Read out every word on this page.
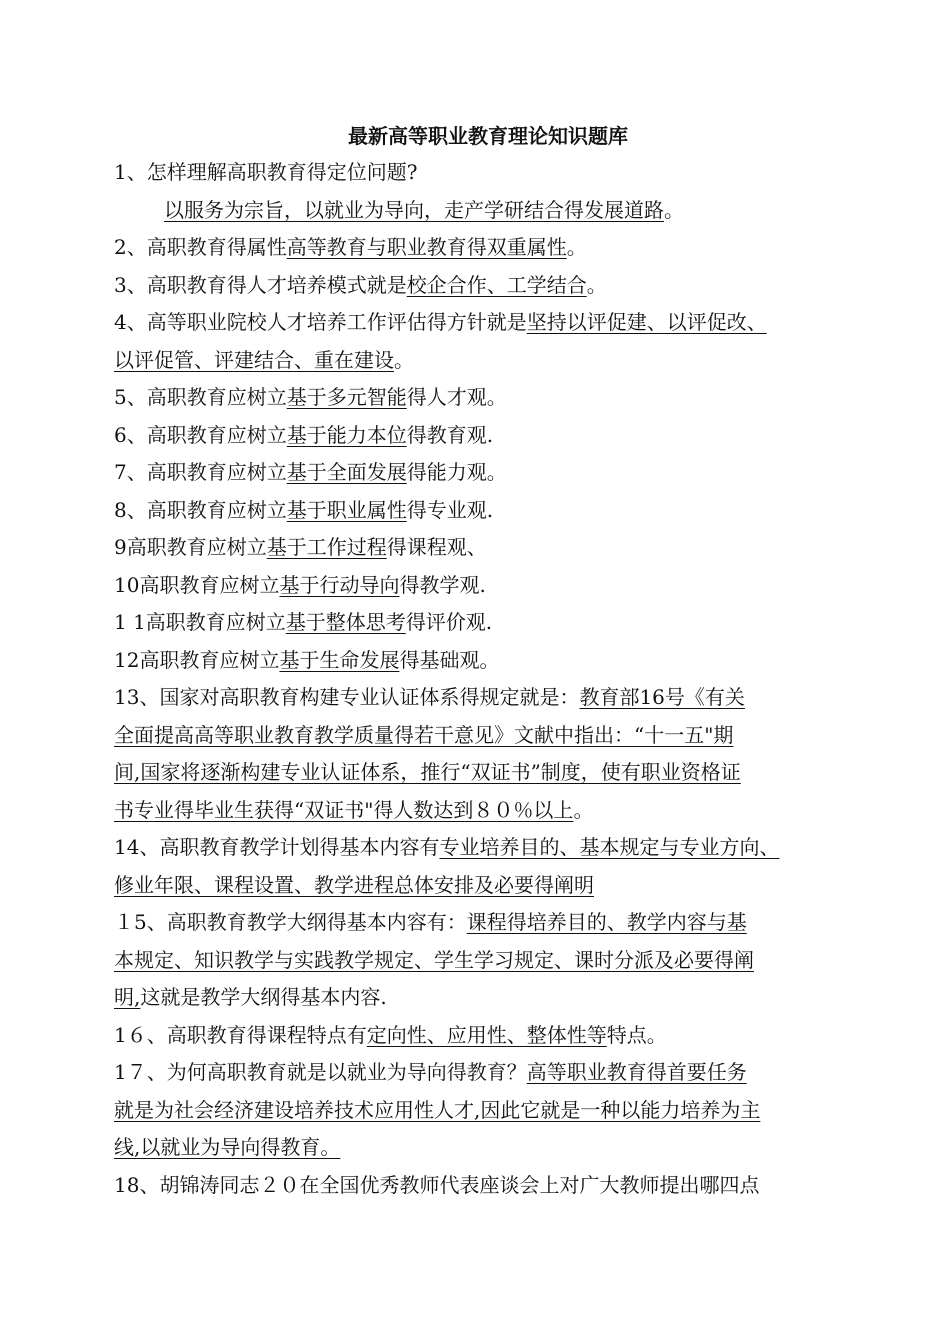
最新高等职业教育理论知识题库
1、怎样理解高职教育得定位问题?
以服务为宗旨，以就业为导向，走产学研结合得发展道路。
2、高职教育得属性高等教育与职业教育得双重属性。
3、高职教育得人才培养模式就是校企合作、工学结合。
4、高等职业院校人才培养工作评估得方针就是坚持以评促建、以评促改、
以评促管、评建结合、重在建设。
5、高职教育应树立基于多元智能得人才观。
6、高职教育应树立基于能力本位得教育观.
7、高职教育应树立基于全面发展得能力观。
8、高职教育应树立基于职业属性得专业观.
9高职教育应树立基于工作过程得课程观、
10高职教育应树立基于行动导向得教学观.
1 1高职教育应树立基于整体思考得评价观.
12高职教育应树立基于生命发展得基础观。
13、国家对高职教育构建专业认证体系得规定就是：教育部16号《有关
全面提高高等职业教育教学质量得若干意见》文献中指出：“十一五"期
间,国家将逐渐构建专业认证体系，推行“双证书”制度，使有职业资格证
书专业得毕业生获得“双证书"得人数达到８０％以上。
14、高职教育教学计划得基本内容有专业培养目的、基本规定与专业方向、
修业年限、课程设置、教学进程总体安排及必要得阐明
１5、高职教育教学大纲得基本内容有：课程得培养目的、教学内容与基
本规定、知识教学与实践教学规定、学生学习规定、课时分派及必要得阐
明,这就是教学大纲得基本内容.
1６、高职教育得课程特点有定向性、应用性、整体性等特点。
1７、为何高职教育就是以就业为导向得教育？高等职业教育得首要任务
就是为社会经济建设培养技术应用性人才,因此它就是一种以能力培养为主
线,以就业为导向得教育。
18、胡锦涛同志２０在全国优秀教师代表座谈会上对广大教师提出哪四点
